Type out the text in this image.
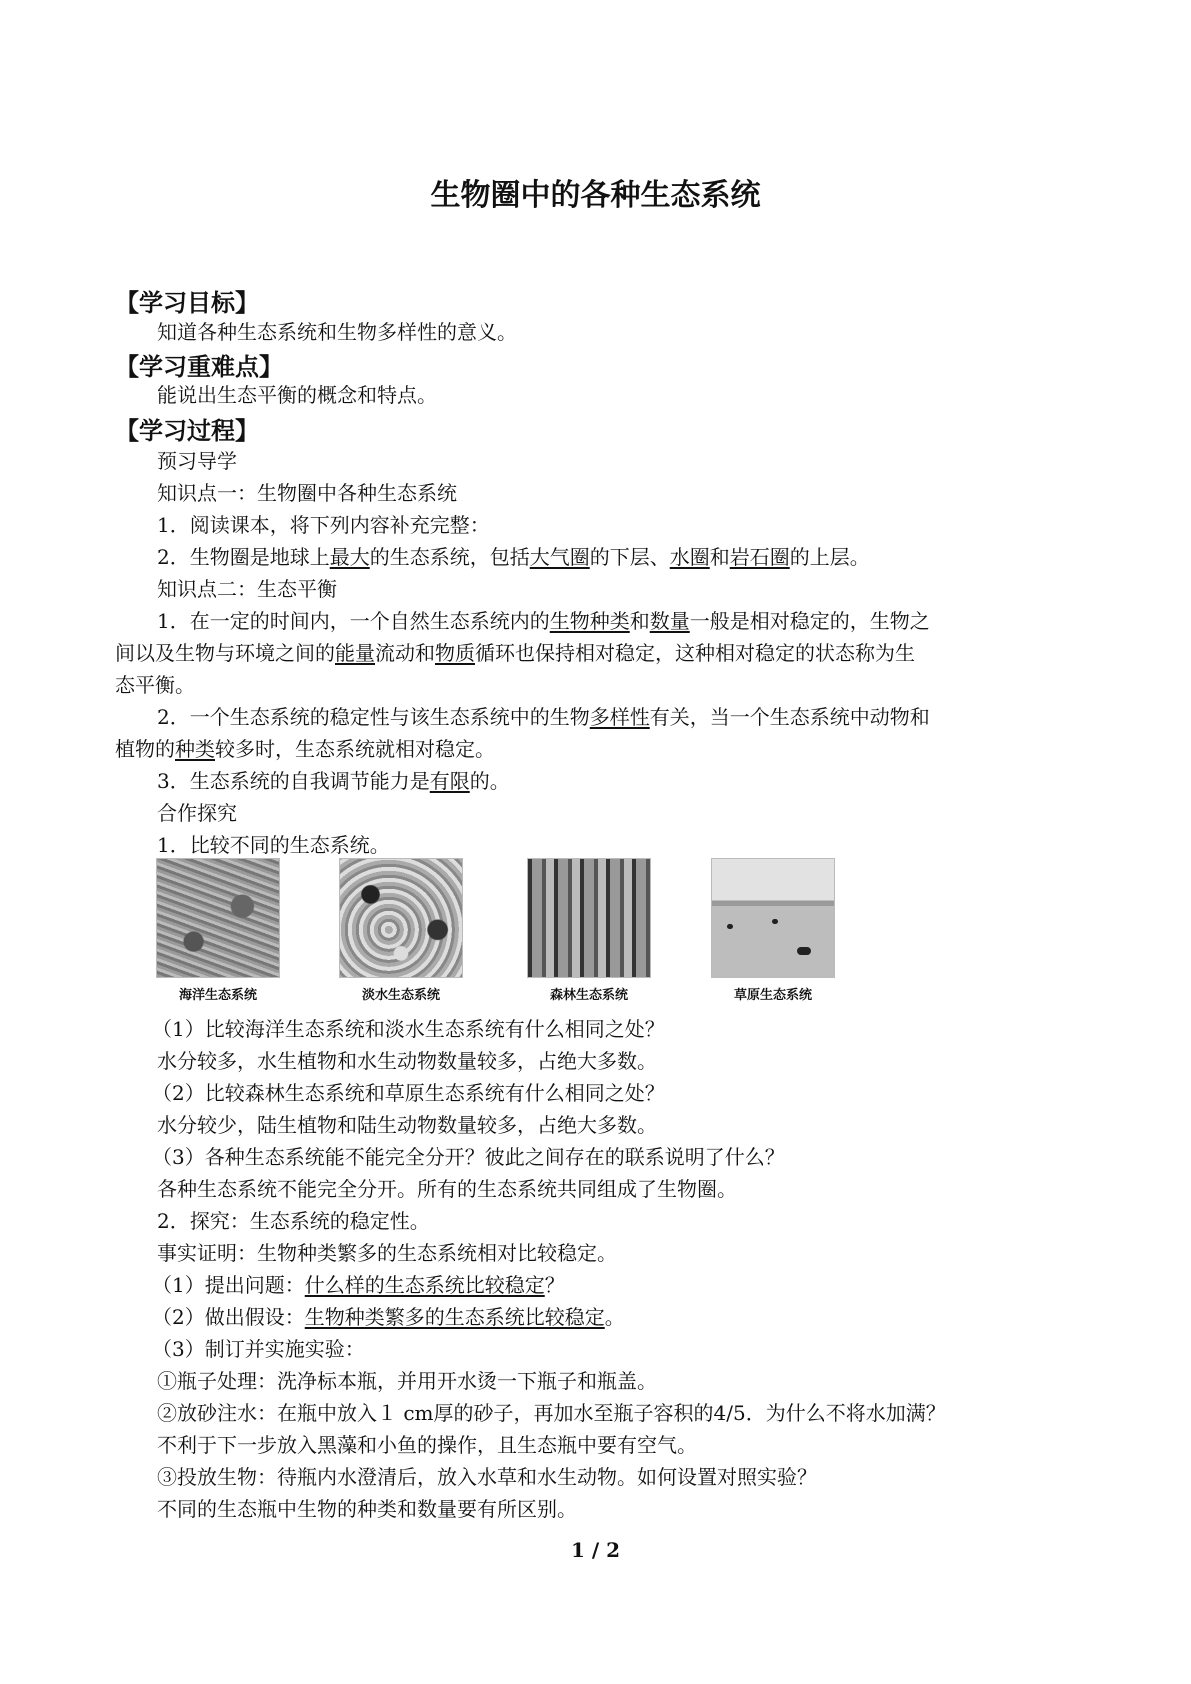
生物圈中的各种生态系统
【学习目标】
知道各种生态系统和生物多样性的意义。
【学习重难点】
能说出生态平衡的概念和特点。
【学习过程】
预习导学
知识点一：生物圈中各种生态系统
1．阅读课本，将下列内容补充完整：
2．生物圈是地球上最大的生态系统，包括大气圈的下层、水圈和岩石圈的上层。
知识点二：生态平衡
1．在一定的时间内，一个自然生态系统内的生物种类和数量一般是相对稳定的，生物之
间以及生物与环境之间的能量流动和物质循环也保持相对稳定，这种相对稳定的状态称为生
态平衡。
2．一个生态系统的稳定性与该生态系统中的生物多样性有关，当一个生态系统中动物和
植物的种类较多时，生态系统就相对稳定。
3．生态系统的自我调节能力是有限的。
合作探究
1．比较不同的生态系统。
海洋生态系统	淡水生态系统	森林生态系统	草原生态系统
（1）比较海洋生态系统和淡水生态系统有什么相同之处？
水分较多，水生植物和水生动物数量较多，占绝大多数。
（2）比较森林生态系统和草原生态系统有什么相同之处？
水分较少，陆生植物和陆生动物数量较多，占绝大多数。
（3）各种生态系统能不能完全分开？彼此之间存在的联系说明了什么？
各种生态系统不能完全分开。所有的生态系统共同组成了生物圈。
2．探究：生态系统的稳定性。
事实证明：生物种类繁多的生态系统相对比较稳定。
（1）提出问题：什么样的生态系统比较稳定？
（2）做出假设：生物种类繁多的生态系统比较稳定。
（3）制订并实施实验：
①瓶子处理：洗净标本瓶，并用开水烫一下瓶子和瓶盖。
②放砂注水：在瓶中放入１ cm厚的砂子，再加水至瓶子容积的4/5．为什么不将水加满？
不利于下一步放入黑藻和小鱼的操作，且生态瓶中要有空气。
③投放生物：待瓶内水澄清后，放入水草和水生动物。如何设置对照实验？
不同的生态瓶中生物的种类和数量要有所区别。
1 / 2
